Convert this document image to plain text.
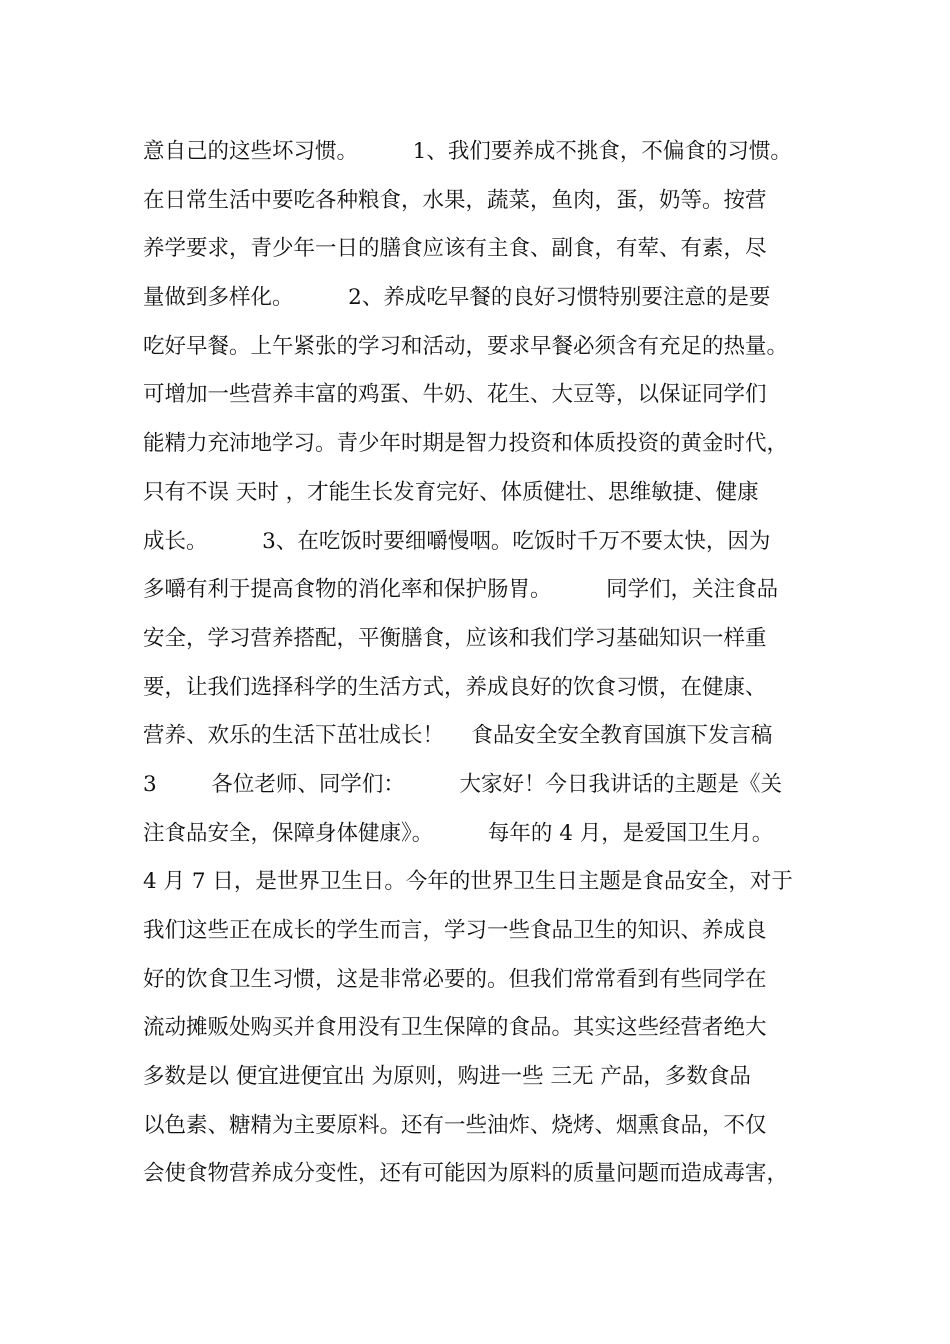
意自己的这些坏习惯。        1、我们要养成不挑食，不偏食的习惯。
在日常生活中要吃各种粮食，水果，蔬菜，鱼肉，蛋，奶等。按营
养学要求，青少年一日的膳食应该有主食、副食，有荤、有素，尽
量做到多样化。        2、养成吃早餐的良好习惯特别要注意的是要
吃好早餐。上午紧张的学习和活动，要求早餐必须含有充足的热量。
可增加一些营养丰富的鸡蛋、牛奶、花生、大豆等，以保证同学们
能精力充沛地学习。青少年时期是智力投资和体质投资的黄金时代，
只有不误 天时 ，才能生长发育完好、体质健壮、思维敏捷、健康
成长。        3、在吃饭时要细嚼慢咽。吃饭时千万不要太快，因为
多嚼有利于提高食物的消化率和保护肠胃。        同学们，关注食品
安全，学习营养搭配，平衡膳食，应该和我们学习基础知识一样重
要，让我们选择科学的生活方式，养成良好的饮食习惯，在健康、
营养、欢乐的生活下茁壮成长！    食品安全安全教育国旗下发言稿
3        各位老师、同学们：        大家好！今日我讲话的主题是《关
注食品安全，保障身体健康》。        每年的 4 月，是爱国卫生月。
4 月 7 日，是世界卫生日。今年的世界卫生日主题是食品安全，对于
我们这些正在成长的学生而言，学习一些食品卫生的知识、养成良
好的饮食卫生习惯，这是非常必要的。但我们常常看到有些同学在
流动摊贩处购买并食用没有卫生保障的食品。其实这些经营者绝大
多数是以 便宜进便宜出 为原则，购进一些 三无 产品，多数食品
以色素、糖精为主要原料。还有一些油炸、烧烤、烟熏食品，不仅
会使食物营养成分变性，还有可能因为原料的质量问题而造成毒害，
